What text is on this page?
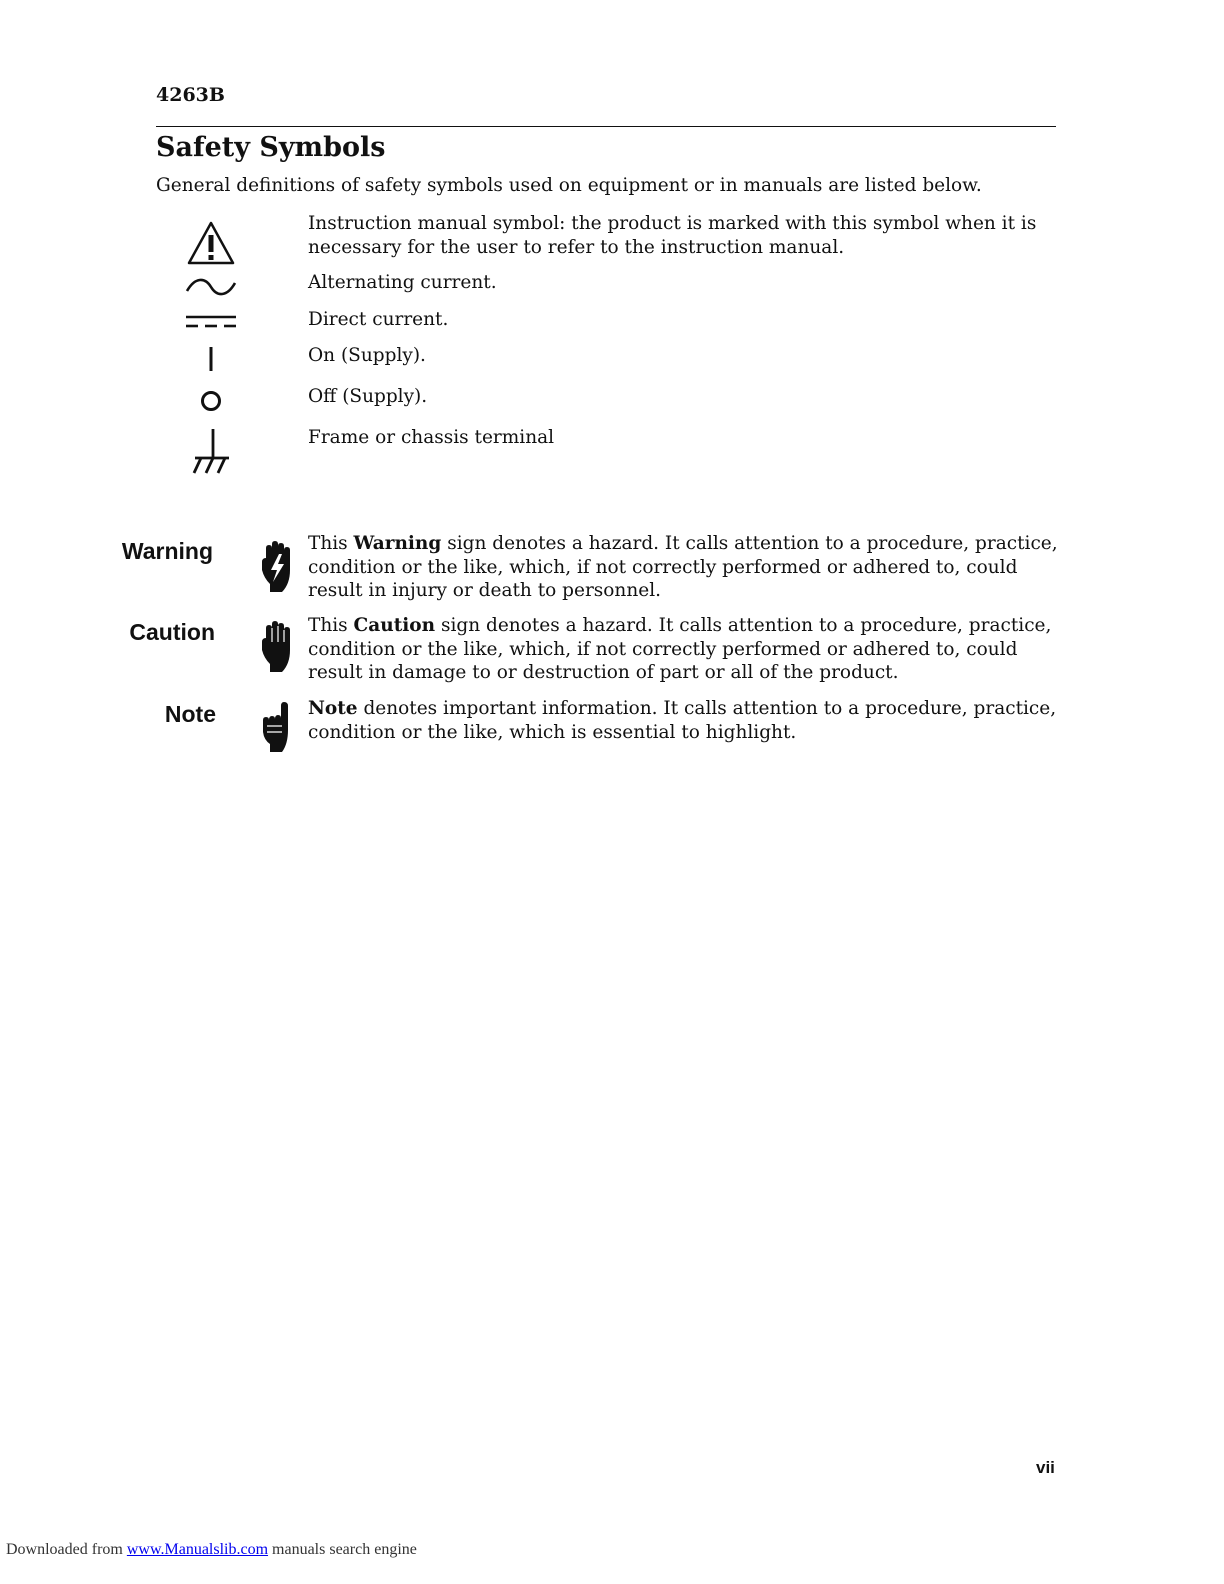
4263B
Safety Symbols

General definitions of safety symbols used on equipment or in manuals are listed below.

Instruction manual symbol: the product is marked with this symbol when it is necessary for the user to refer to the instruction manual.
Alternating current.
Direct current.
On (Supply).
Off (Supply).
Frame or chassis terminal
Warning	This Warning sign denotes a hazard. It calls attention to a procedure, practice, condition or the like, which, if not correctly performed or adhered to, could result in injury or death to personnel.
Caution	This Caution sign denotes a hazard. It calls attention to a procedure, practice, condition or the like, which, if not correctly performed or adhered to, could result in damage to or destruction of part or all of the product.
Note	Note denotes important information. It calls attention to a procedure, practice, condition or the like, which is essential to highlight.
vii
Downloaded from www.Manualslib.com manuals search engine
